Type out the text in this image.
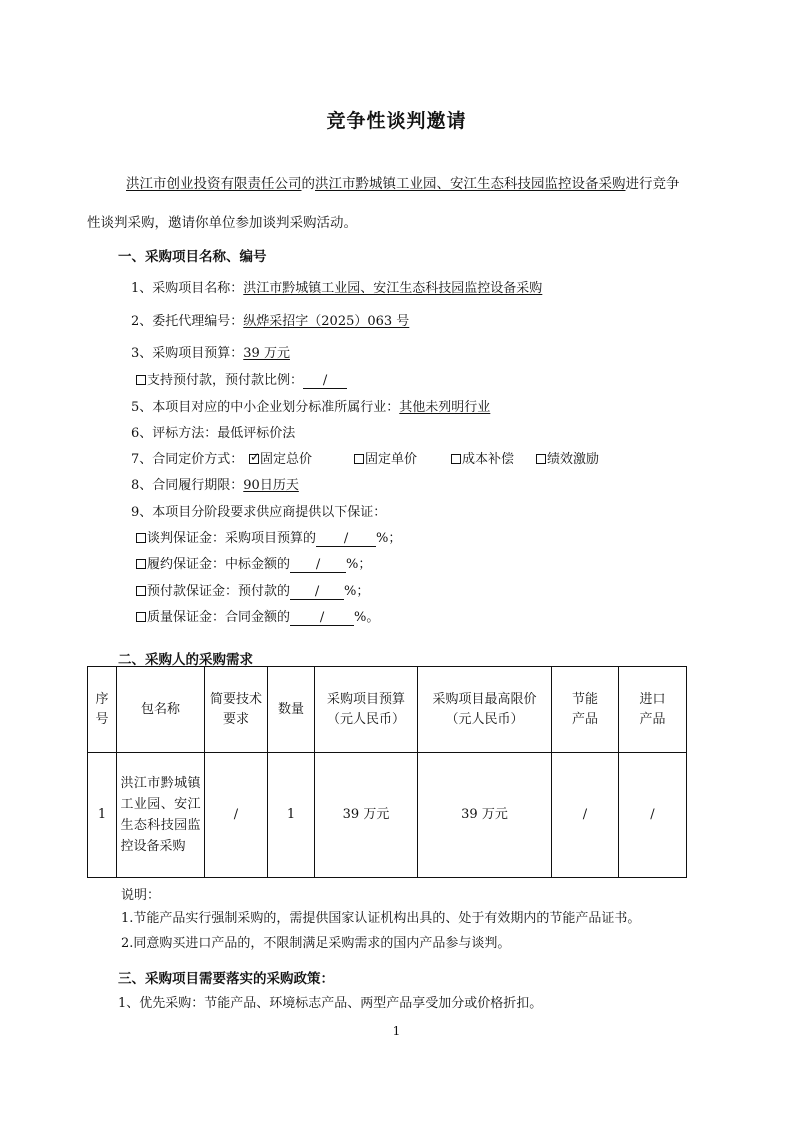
竞争性谈判邀请
洪江市创业投资有限责任公司的洪江市黔城镇工业园、安江生态科技园监控设备采购进行竞争
性谈判采购，邀请你单位参加谈判采购活动。
一、采购项目名称、编号
1、采购项目名称：洪江市黔城镇工业园、安江生态科技园监控设备采购
2、委托代理编号：纵烨采招字（2025）063 号
3、采购项目预算：39 万元
支持预付款，预付款比例： /
5、本项目对应的中小企业划分标准所属行业：其他未列明行业
6、评标方法：最低评标价法
7、合同定价方式： ✓	固定总价	固定单价	成本补偿	绩效激励
8、合同履行期限：90日历天
9、本项目分阶段要求供应商提供以下保证：
谈判保证金：采购项目预算的 / %；
履约保证金：中标金额的 / %；
预付款保证金：预付款的 / %；
质量保证金：合同金额的 / %。
二、采购人的采购需求
序号	包名称	简要技术要求	数量	采购项目预算（元人民币）	采购项目最高限价（元人民币）	节能产品	进口产品

1	洪江市黔城镇工业园、安江生态科技园监控设备采购	/	1	39 万元	39 万元	/	/
说明：
1.节能产品实行强制采购的，需提供国家认证机构出具的、处于有效期内的节能产品证书。
2.同意购买进口产品的，不限制满足采购需求的国内产品参与谈判。
三、采购项目需要落实的采购政策：
1、优先采购：节能产品、环境标志产品、两型产品享受加分或价格折扣。
1
